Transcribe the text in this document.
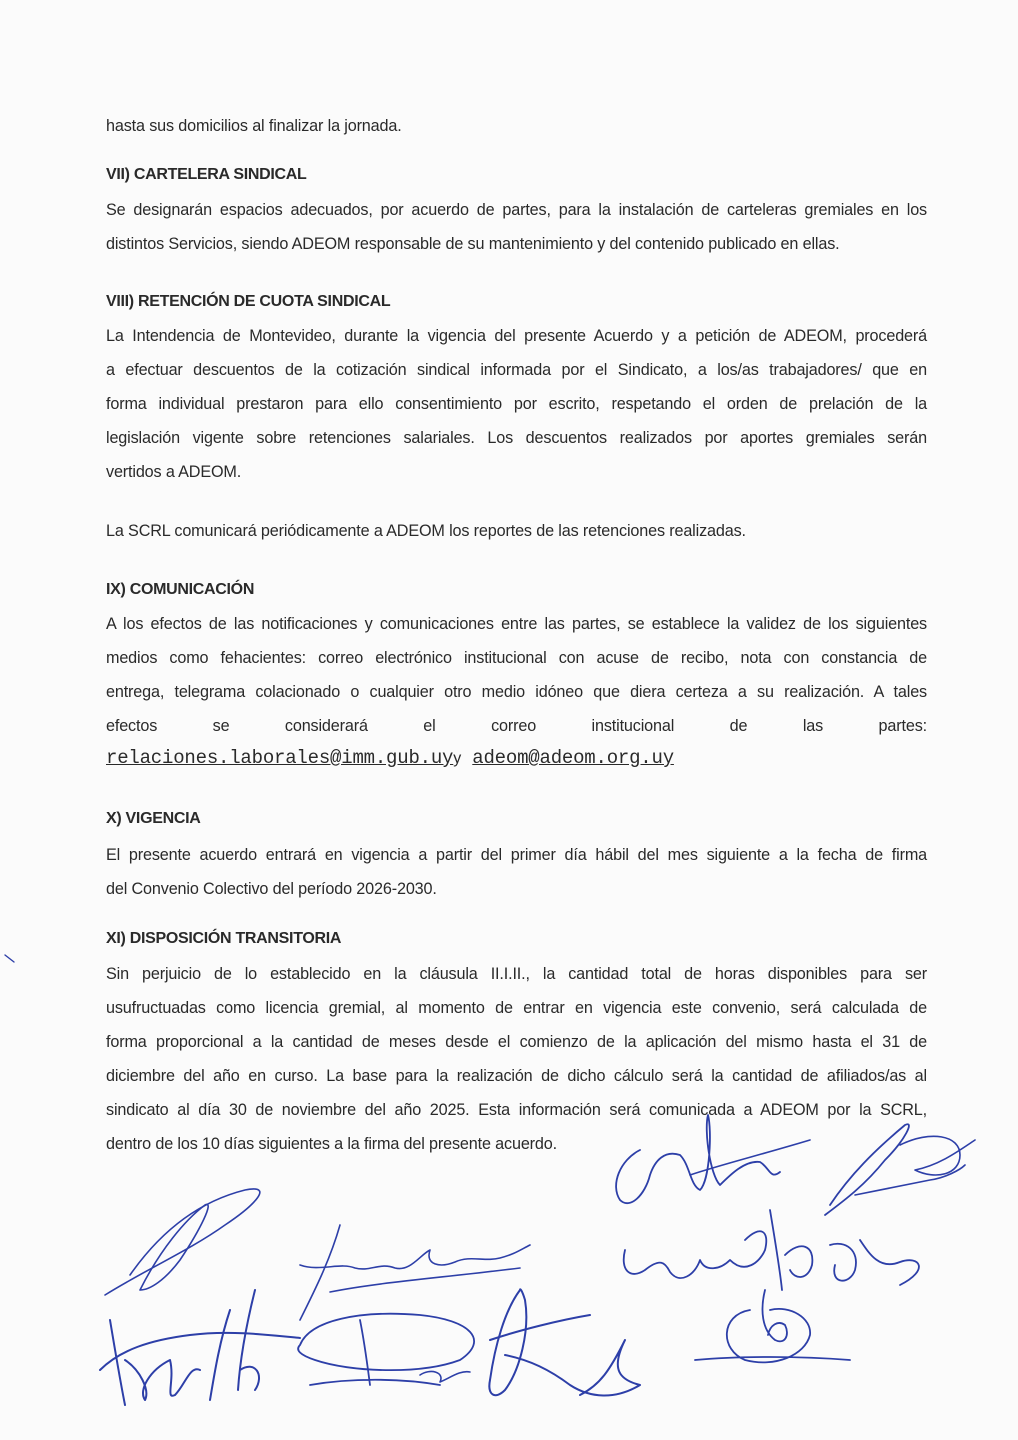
hasta sus domicilios al finalizar la jornada.
VII) CARTELERA SINDICAL
Se designarán espacios adecuados, por acuerdo de partes, para la instalación de carteleras gremiales en los
distintos Servicios, siendo ADEOM responsable de su mantenimiento y del contenido publicado en ellas.
VIII) RETENCIÓN DE CUOTA SINDICAL
La Intendencia de Montevideo, durante la vigencia del presente Acuerdo y a petición de ADEOM, procederá
a efectuar descuentos de la cotización sindical informada por el Sindicato, a los/as trabajadores/ que en
forma individual prestaron para ello consentimiento por escrito, respetando el orden de prelación de la
legislación vigente sobre retenciones salariales. Los descuentos realizados por aportes gremiales serán
vertidos a ADEOM.
La SCRL comunicará periódicamente a ADEOM los reportes de las retenciones realizadas.
IX) COMUNICACIÓN
A los efectos de las notificaciones y comunicaciones entre las partes, se establece la validez de los siguientes
medios como fehacientes: correo electrónico institucional con acuse de recibo, nota con constancia de
entrega, telegrama colacionado o cualquier otro medio idóneo que diera certeza a su realización. A tales
efectos se considerará el correo institucional de las partes:
relaciones.laborales@imm.gub.uyy adeom@adeom.org.uy
X) VIGENCIA
El presente acuerdo entrará en vigencia a partir del primer día hábil del mes siguiente a la fecha de firma
del Convenio Colectivo del período 2026-2030.
XI) DISPOSICIÓN TRANSITORIA
Sin perjuicio de lo establecido en la cláusula II.I.II., la cantidad total de horas disponibles para ser
usufructuadas como licencia gremial, al momento de entrar en vigencia este convenio, será calculada de
forma proporcional a la cantidad de meses desde el comienzo de la aplicación del mismo hasta el 31 de
diciembre del año en curso. La base para la realización de dicho cálculo será la cantidad de afiliados/as al
sindicato al día 30 de noviembre del año 2025. Esta información será comunicada a ADEOM por la SCRL,
dentro de los 10 días siguientes a la firma del presente acuerdo.
